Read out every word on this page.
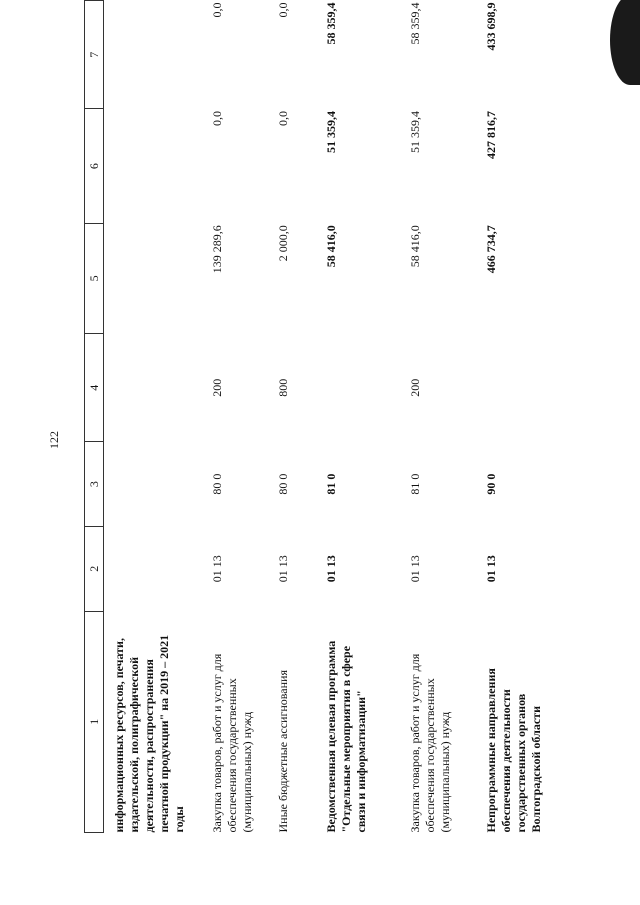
122
1	2	3	4	5	6	7
информационных ресурсов, печати, издательской, полиграфической деятельности, распространения печатной продукции" на 2019 – 2021 годы						
Закупка товаров, работ и услуг для обеспечения государственных (муниципальных) нужд	01 13	80 0	200	139 289,6	0,0	0,0
Иные бюджетные ассигнования	01 13	80 0	800	2 000,0	0,0	0,0
Ведомственная целевая программа "Отдельные мероприятия в сфере связи и информатизации"	01 13	81 0		58 416,0	51 359,4	58 359,4
Закупка товаров, работ и услуг для обеспечения государственных (муниципальных) нужд	01 13	81 0	200	58 416,0	51 359,4	58 359,4
Непрограммные направления обеспечения деятельности государственных органов Волгоградской области	01 13	90 0		466 734,7	427 816,7	433 698,9
